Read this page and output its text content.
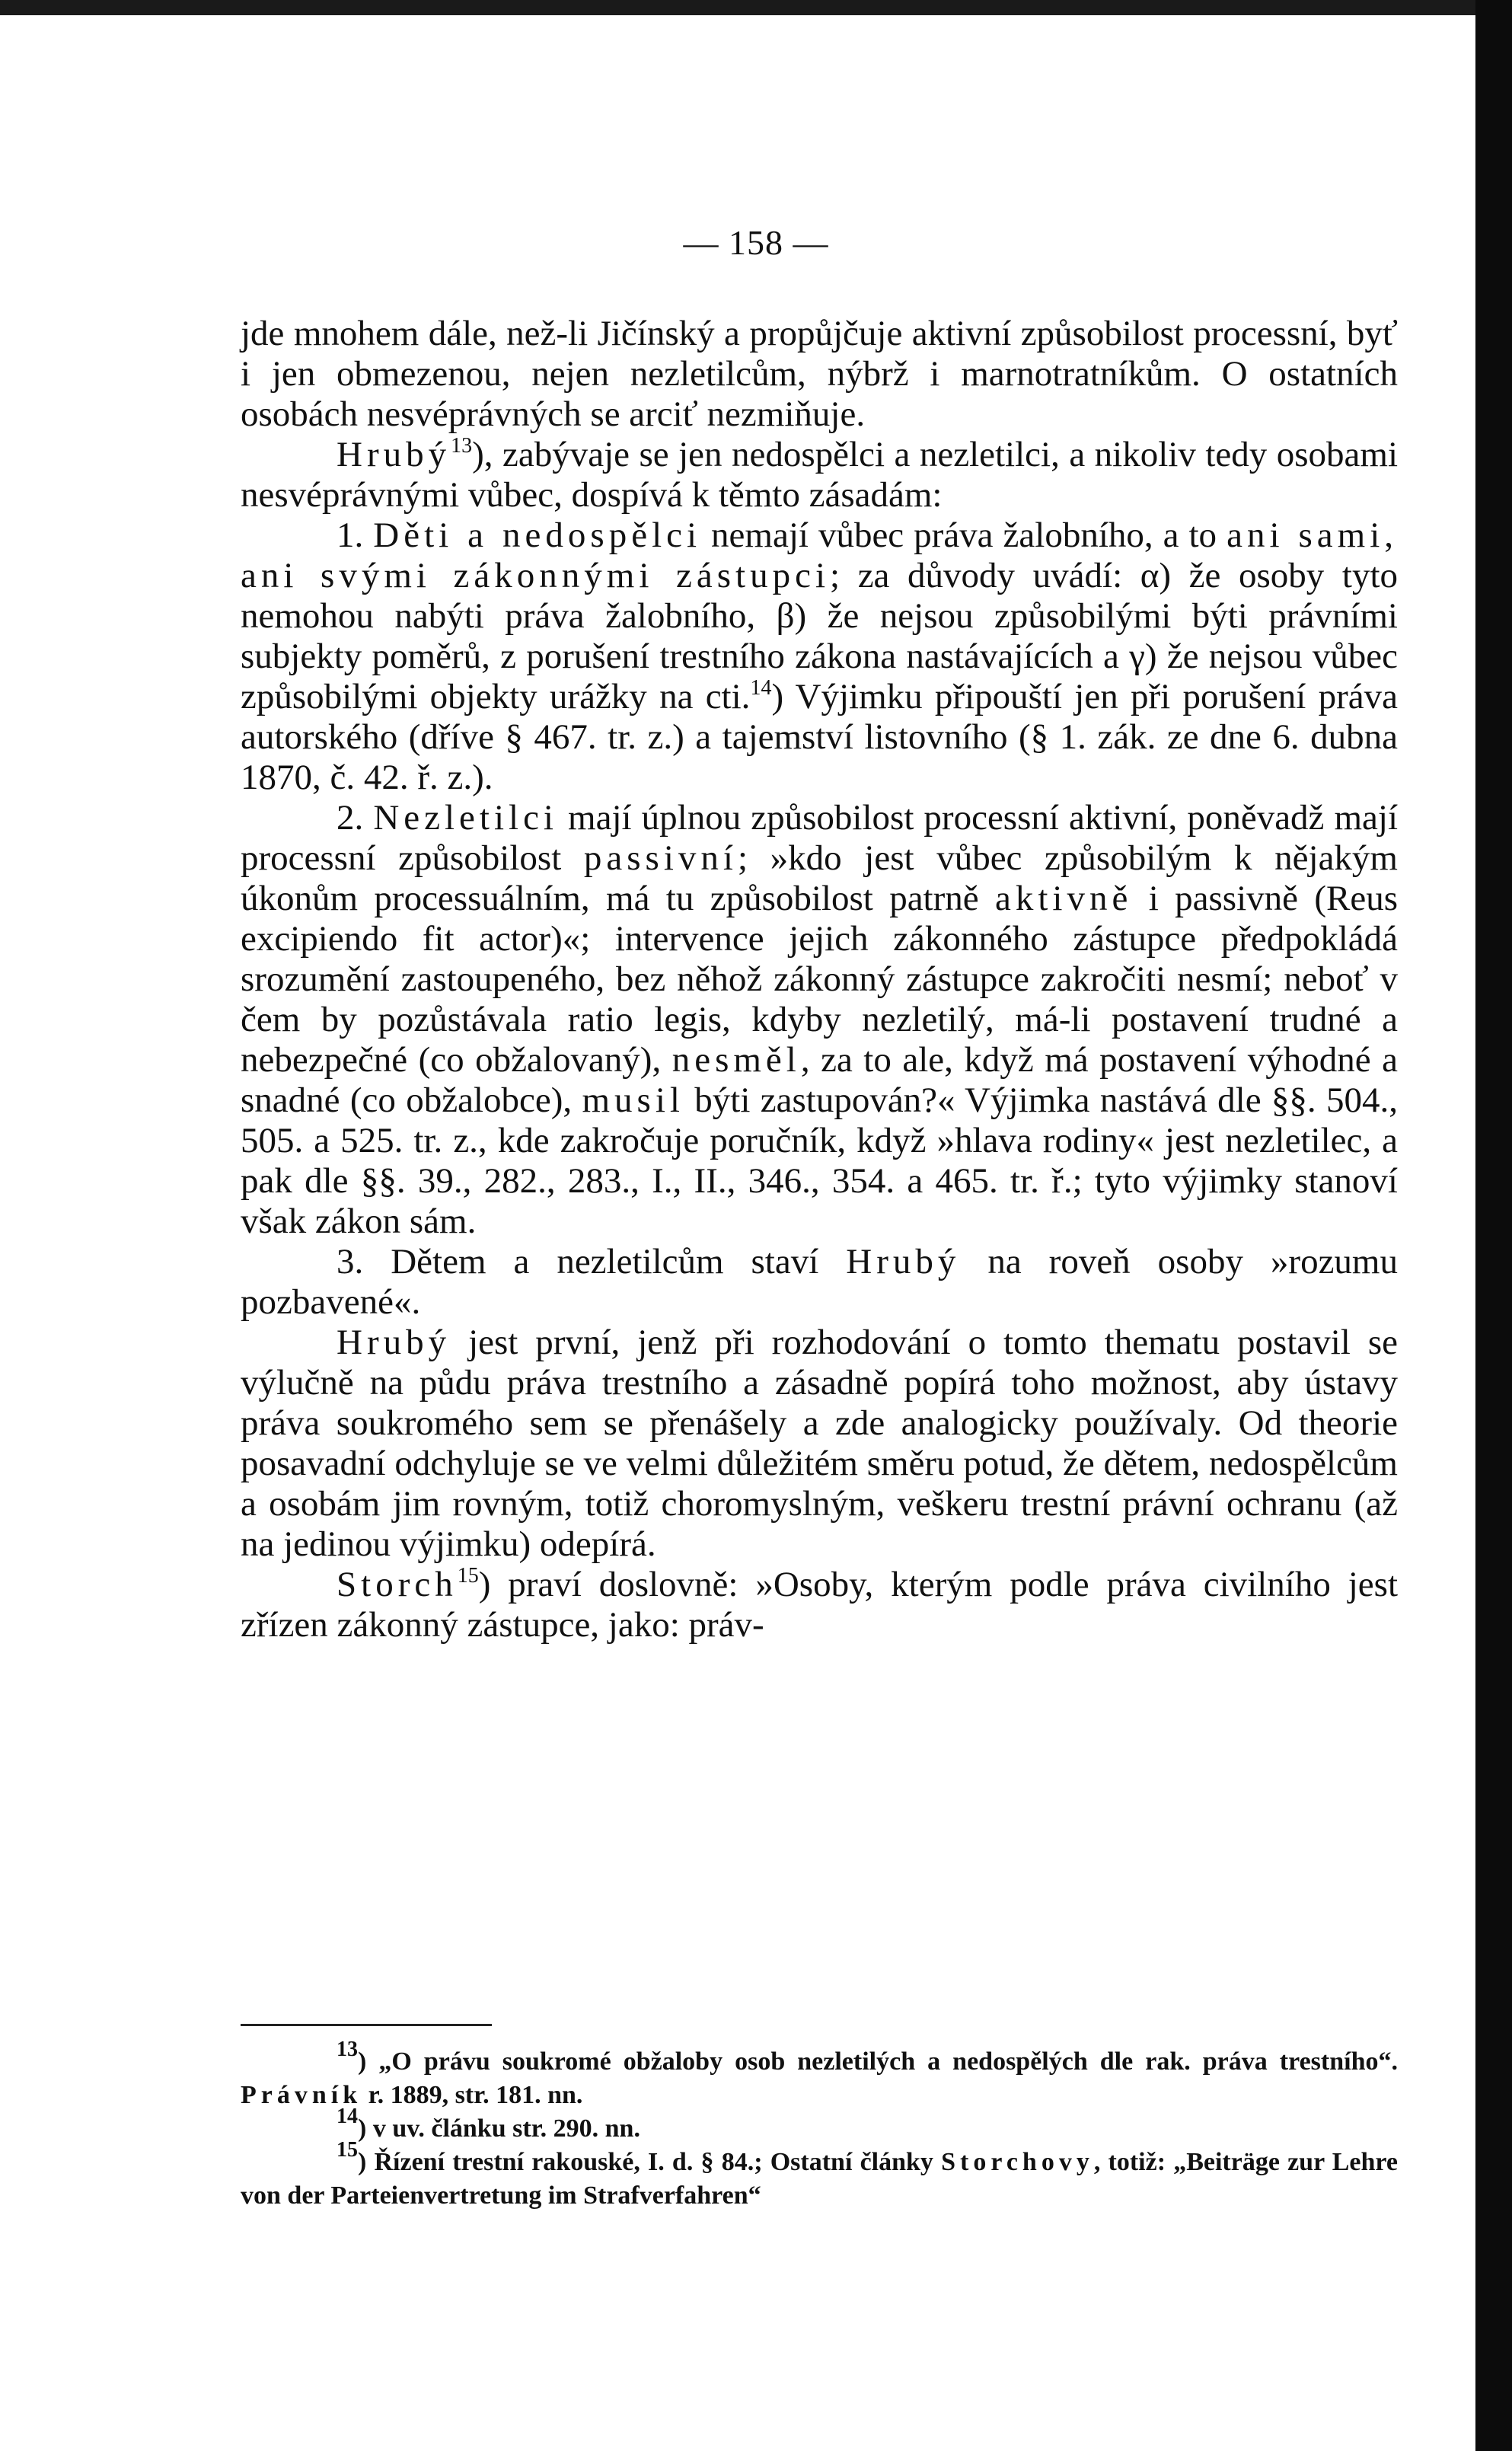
— 158 —

jde mnohem dále, než-li Jičínský a propůjčuje aktivní způsobilost processní, byť i jen obmezenou, nejen nezletilcům, nýbrž i marnotratníkům. O ostatních osobách nesvéprávných se arciť nezmiňuje.

Hrubý$^{13}$), zabývaje se jen nedospělci a nezletilci, a nikoliv tedy osobami nesvéprávnými vůbec, dospívá k těmto zásadám:

1. Děti a nedospělci nemají vůbec práva žalobního, a to ani sami, ani svými zákonnými zástupci; za důvody uvádí: α) že osoby tyto nemohou nabýti práva žalobního, β) že nejsou způsobilými býti právními subjekty poměrů, z porušení trestního zákona nastávajících a γ) že nejsou vůbec způsobilými objekty urážky na cti.$^{14}$) Výjimku připouští jen při porušení práva autorského (dříve § 467. tr. z.) a tajemství listovního (§ 1. zák. ze dne 6. dubna 1870, č. 42. ř. z.).

2. Nezletilci mají úplnou způsobilost processní aktivní, poněvadž mají processní způsobilost passivní; »kdo jest vůbec způsobilým k nějakým úkonům processuálním, má tu způsobilost patrně aktivně i passivně (Reus excipiendo fit actor)«; intervence jejich zákonného zástupce předpokládá srozumění zastoupeného, bez něhož zákonný zástupce zakročiti nesmí; neboť v čem by pozůstávala ratio legis, kdyby nezletilý, má-li postavení trudné a nebezpečné (co obžalovaný), nesměl, za to ale, když má postavení výhodné a snadné (co obžalobce), musil býti zastupován?« Výjimka nastává dle §§. 504., 505. a 525. tr. z., kde zakročuje poručník, když »hlava rodiny« jest nezletilec, a pak dle §§. 39., 282., 283., I., II., 346., 354. a 465. tr. ř.; tyto výjimky stanoví však zákon sám.

3. Dětem a nezletilcům staví Hrubý na roveň osoby »rozumu pozbavené«.

Hrubý jest první, jenž při rozhodování o tomto thematu postavil se výlučně na půdu práva trestního a zásadně popírá toho možnost, aby ústavy práva soukromého sem se přenášely a zde analogicky používaly. Od theorie posavadní odchyluje se ve velmi důležitém směru potud, že dětem, nedospělcům a osobám jim rovným, totiž choromyslným, veškeru trestní právní ochranu (až na jedinou výjimku) odepírá.

Storch$^{15}$) praví doslovně: »Osoby, kterým podle práva civilního jest zřízen zákonný zástupce, jako: práv-

$^{13}$) „O právu soukromé obžaloby osob nezletilých a nedospělých dle rak. práva trestního“. Právník r. 1889, str. 181. nn.

$^{14}$) v uv. článku str. 290. nn.

$^{15}$) Řízení trestní rakouské, I. d. § 84.; Ostatní články Storchovy, totiž: „Beiträge zur Lehre von der Parteienvertretung im Strafverfahren“
